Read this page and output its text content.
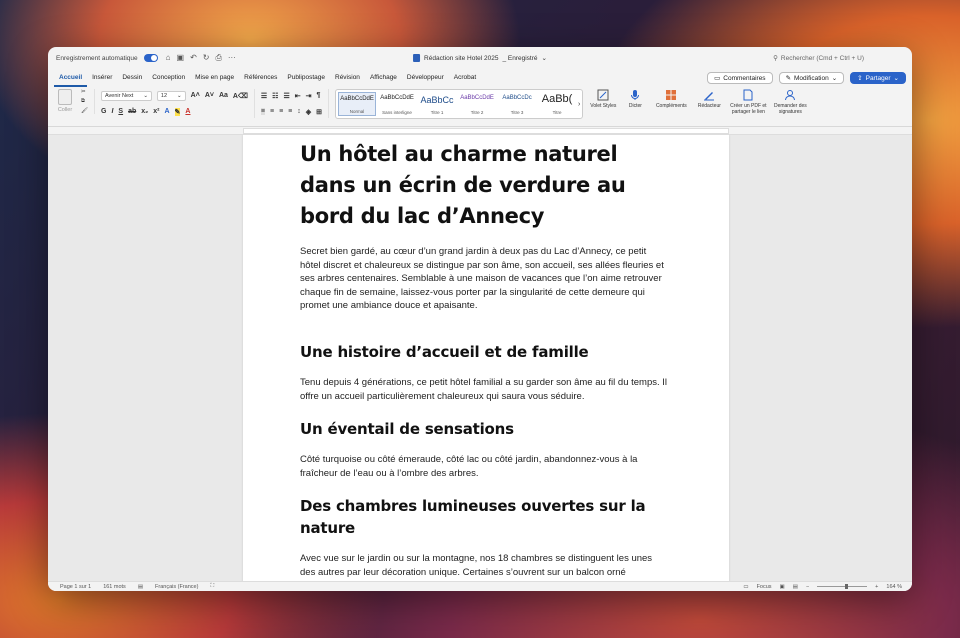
Enregistrement automatique	⌂ ▣ ↶ ↻ ⎙ ···	Rédaction site Hotel 2025 _ Enregistré ⌄	⚲ Rechercher (Cmd + Ctrl + U)
Accueil	Insérer	Dessin	Conception	Mise en page	Références	Publipostage	Révision	Affichage	Développeur	Acrobat	▭ Commentaires	✎ Modification ⌄	⇪ Partager ⌄
Coller
✂
⧉
🖌
Avenir Next ⌄ 12 ⌄ A˄ A˅ Aa A⌫
G I S ab x₂ x² A ✎ A
☰ ☷ ☰ ⇤ ⇥ ¶
≡ ≡ ≡ ≡ ↕ ◈ ⊞
AaBbCcDdE
Normal
AaBbCcDdE
Sans interligne
AaBbCc
Titre 1
AaBbCcDdE
Titre 2
AaBbCcDc
Titre 3
AaBb(
Titre
› Volet Styles Dicter	Compléments Rédacteur	Créer un PDF et partager le lien
Demander des signatures
Un hôtel au charme naturel dans un écrin de verdure au bord du lac d’Annecy

Secret bien gardé, au cœur d’un grand jardin à deux pas du Lac d’Annecy, ce petit hôtel discret et chaleureux se distingue par son âme, son accueil, ses allées fleuries et ses arbres centenaires. Semblable à une maison de vacances que l’on aime retrouver chaque fin de semaine, laissez-vous porter par la singularité de cette demeure qui promet une ambiance douce et apaisante.

Une histoire d’accueil et de famille

Tenu depuis 4 générations, ce petit hôtel familial a su garder son âme au fil du temps. Il offre un accueil particulièrement chaleureux qui saura vous séduire.

Un éventail de sensations

Côté turquoise ou côté émeraude, côté lac ou côté jardin, abandonnez-vous à la fraîcheur de l’eau ou à l’ombre des arbres.

Des chambres lumineuses ouvertes sur la nature

Avec vue sur le jardin ou sur la montagne, nos 18 chambres se distinguent les unes des autres par leur décoration unique. Certaines s’ouvrent sur un balcon orné

Page 1 sur 1 161 mots ▤ Français (France) ⛶	▭ Focus ▣ ▤ −	+ 164 %
